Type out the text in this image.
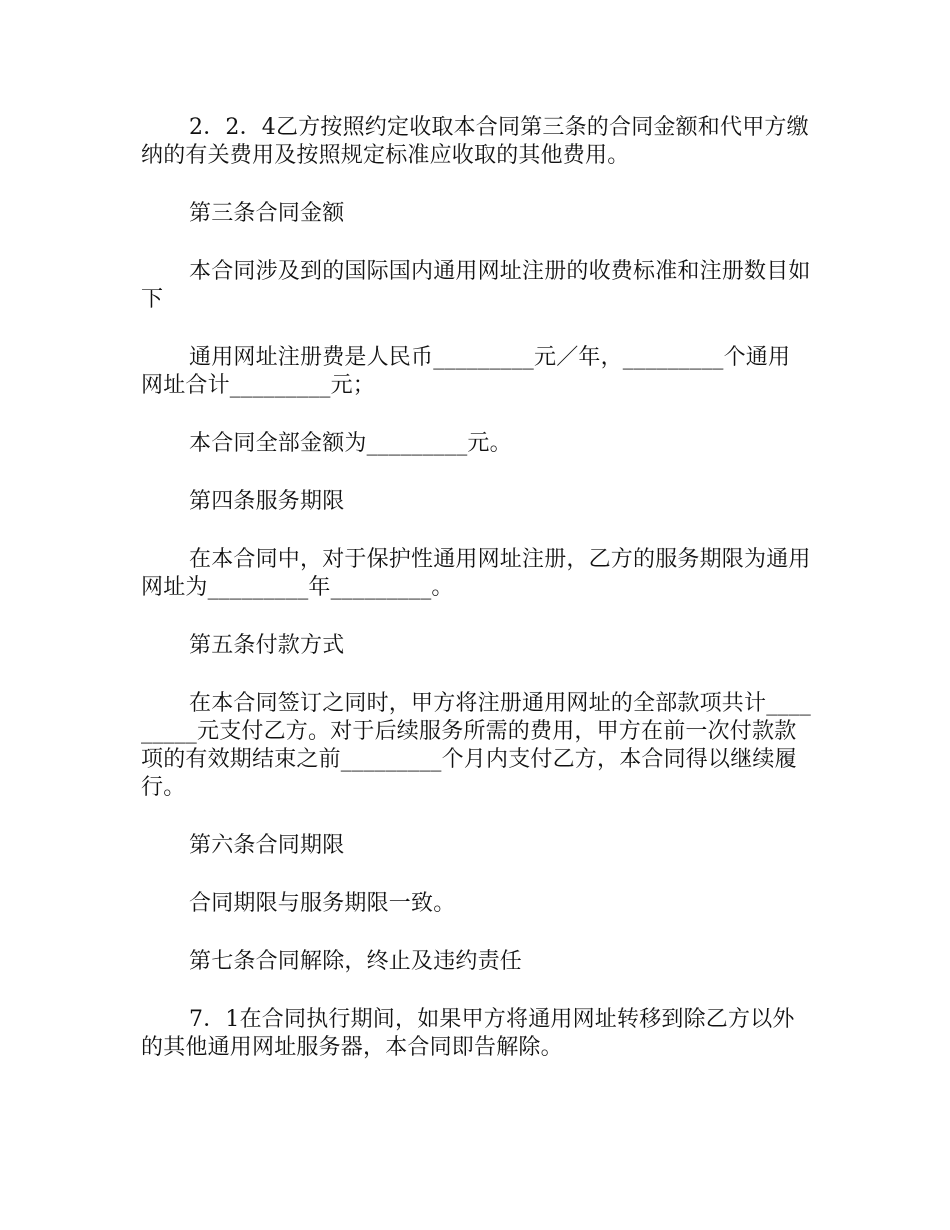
2．2．4乙方按照约定收取本合同第三条的合同金额和代甲方缴纳的有关费用及按照规定标准应收取的其他费用。

第三条合同金额

本合同涉及到的国际国内通用网址注册的收费标准和注册数目如下

通用网址注册费是人民币_________元／年，_________个通用网址合计_________元；

本合同全部金额为_________元。

第四条服务期限

在本合同中，对于保护性通用网址注册，乙方的服务期限为通用网址为_________年_________。

第五条付款方式

在本合同签订之同时，甲方将注册通用网址的全部款项共计_________元支付乙方。对于后续服务所需的费用，甲方在前一次付款款项的有效期结束之前_________个月内支付乙方，本合同得以继续履行。

第六条合同期限

合同期限与服务期限一致。

第七条合同解除，终止及违约责任

7．1在合同执行期间，如果甲方将通用网址转移到除乙方以外的其他通用网址服务器，本合同即告解除。
